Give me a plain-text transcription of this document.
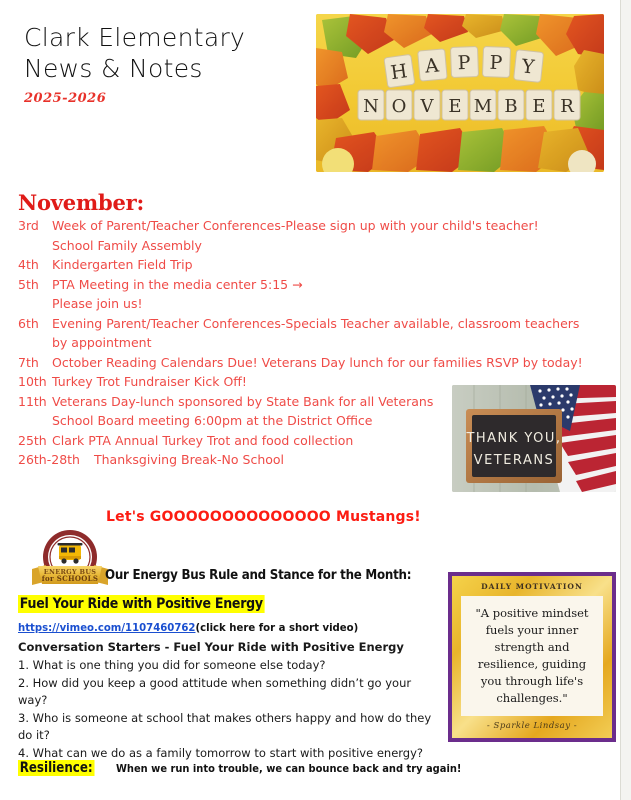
Clark Elementary
News & Notes
2025-2026
H A P P Y
N O V E M B E R
November:
3rd	Week of Parent/Teacher Conferences-Please sign up with your child's teacher!
School Family Assembly
4th	Kindergarten Field Trip
5th	PTA Meeting in the media center 5:15 →
Please join us!
6th	Evening Parent/Teacher Conferences-Specials Teacher available, classroom teachers by appointment
7th	October Reading Calendars Due! Veterans Day lunch for our families RSVP by today!
10th Turkey Trot Fundraiser Kick Off!
11th Veterans Day-lunch sponsored by State Bank for all Veterans
School Board meeting 6:00pm at the District Office
25th Clark PTA Annual Turkey Trot and food collection
26th-28th	Thanksgiving Break-No School
THANK YOU,
VETERANS
Let's GOOOOOOOOOOOOOO Mustangs!
ENERGY BUS
for SCHOOLS Our Energy Bus Rule and Stance for the Month:
Fuel Your Ride with Positive Energy
https://vimeo.com/1107460762(click here for a short video)
Conversation Starters - Fuel Your Ride with Positive Energy
1. What is one thing you did for someone else today?
2. How did you keep a good attitude when something didn’t go your way?
3. Who is someone at school that makes others happy and how do they do it?
4. What can we do as a family tomorrow to start with positive energy?
Resilience: When we run into trouble, we can bounce back and try again!
DAILY MOTIVATION
"A positive mindset fuels your inner strength and resilience, guiding you through life's challenges."
- Sparkle Lindsay -
